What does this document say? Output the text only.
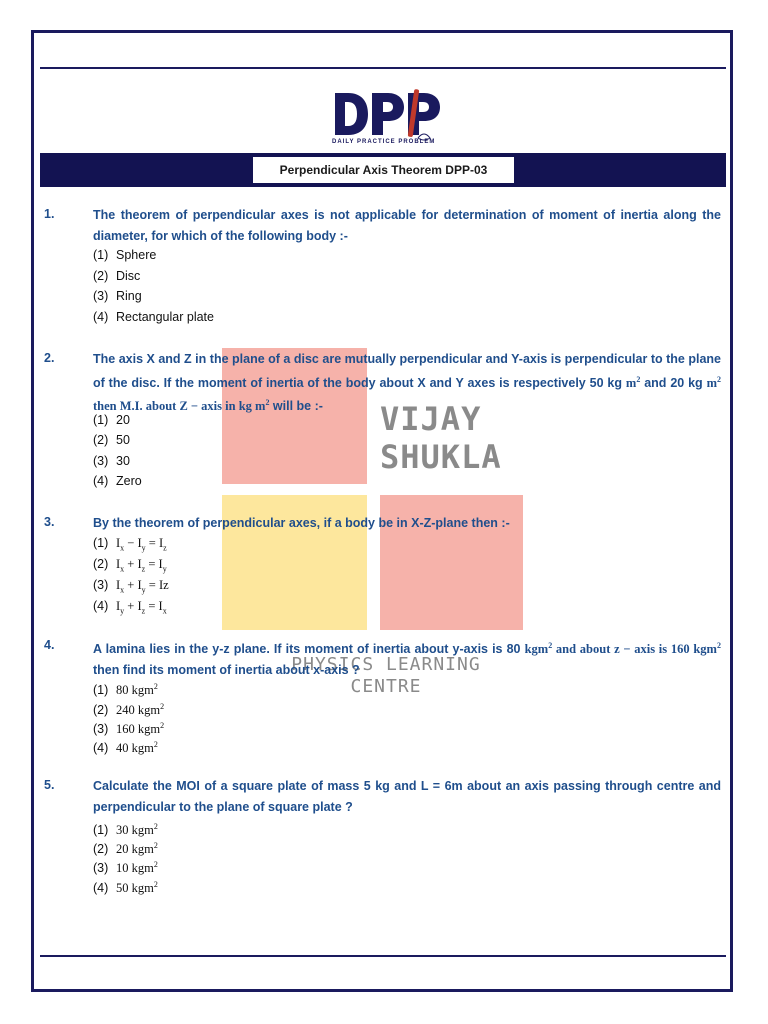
DAILY PRACTICE PROBLEM
Perpendicular Axis Theorem DPP-03
VIJAY
SHUKLA
PHYSICS LEARNING
CENTRE
1.	The theorem of perpendicular axes is not applicable for determination of moment of inertia along the diameter, for which of the following body :-
(1) Sphere
(2) Disc
(3) Ring
(4) Rectangular plate
2.	The axis X and Z in the plane of a disc are mutually perpendicular and Y-axis is perpendicular to the plane of the disc. If the moment of inertia of the body about X and Y axes is respectively 50 kg $m^2$ and 20 kg $m^2$ then M.I. about Z − axis in kg $m^2$ will be :-
(1) 20
(2) 50
(3) 30
(4) Zero
3.	By the theorem of perpendicular axes, if a body be in X-Z-plane then :-
(1) $I_x - I_y = I_z$
(2) $I_x + I_z = I_y$
(3) $I_x + I_y = Iz$
(4) $I_y + I_z = I_x$
4.	A lamina lies in the y-z plane. If its moment of inertia about y-axis is 80 kgm$^2$ and about z − axis is 160 kgm$^2$ then find its moment of inertia about x-axis ?
(1) 80 kgm$^2$
(2) 240 kgm$^2$
(3) 160 kgm$^2$
(4) 40 kgm$^2$
5.	Calculate the MOI of a square plate of mass 5 kg and L = 6m about an axis passing through centre and perpendicular to the plane of square plate ?
(1) 30 kgm$^2$
(2) 20 kgm$^2$
(3) 10 kgm$^2$
(4) 50 kgm$^2$
